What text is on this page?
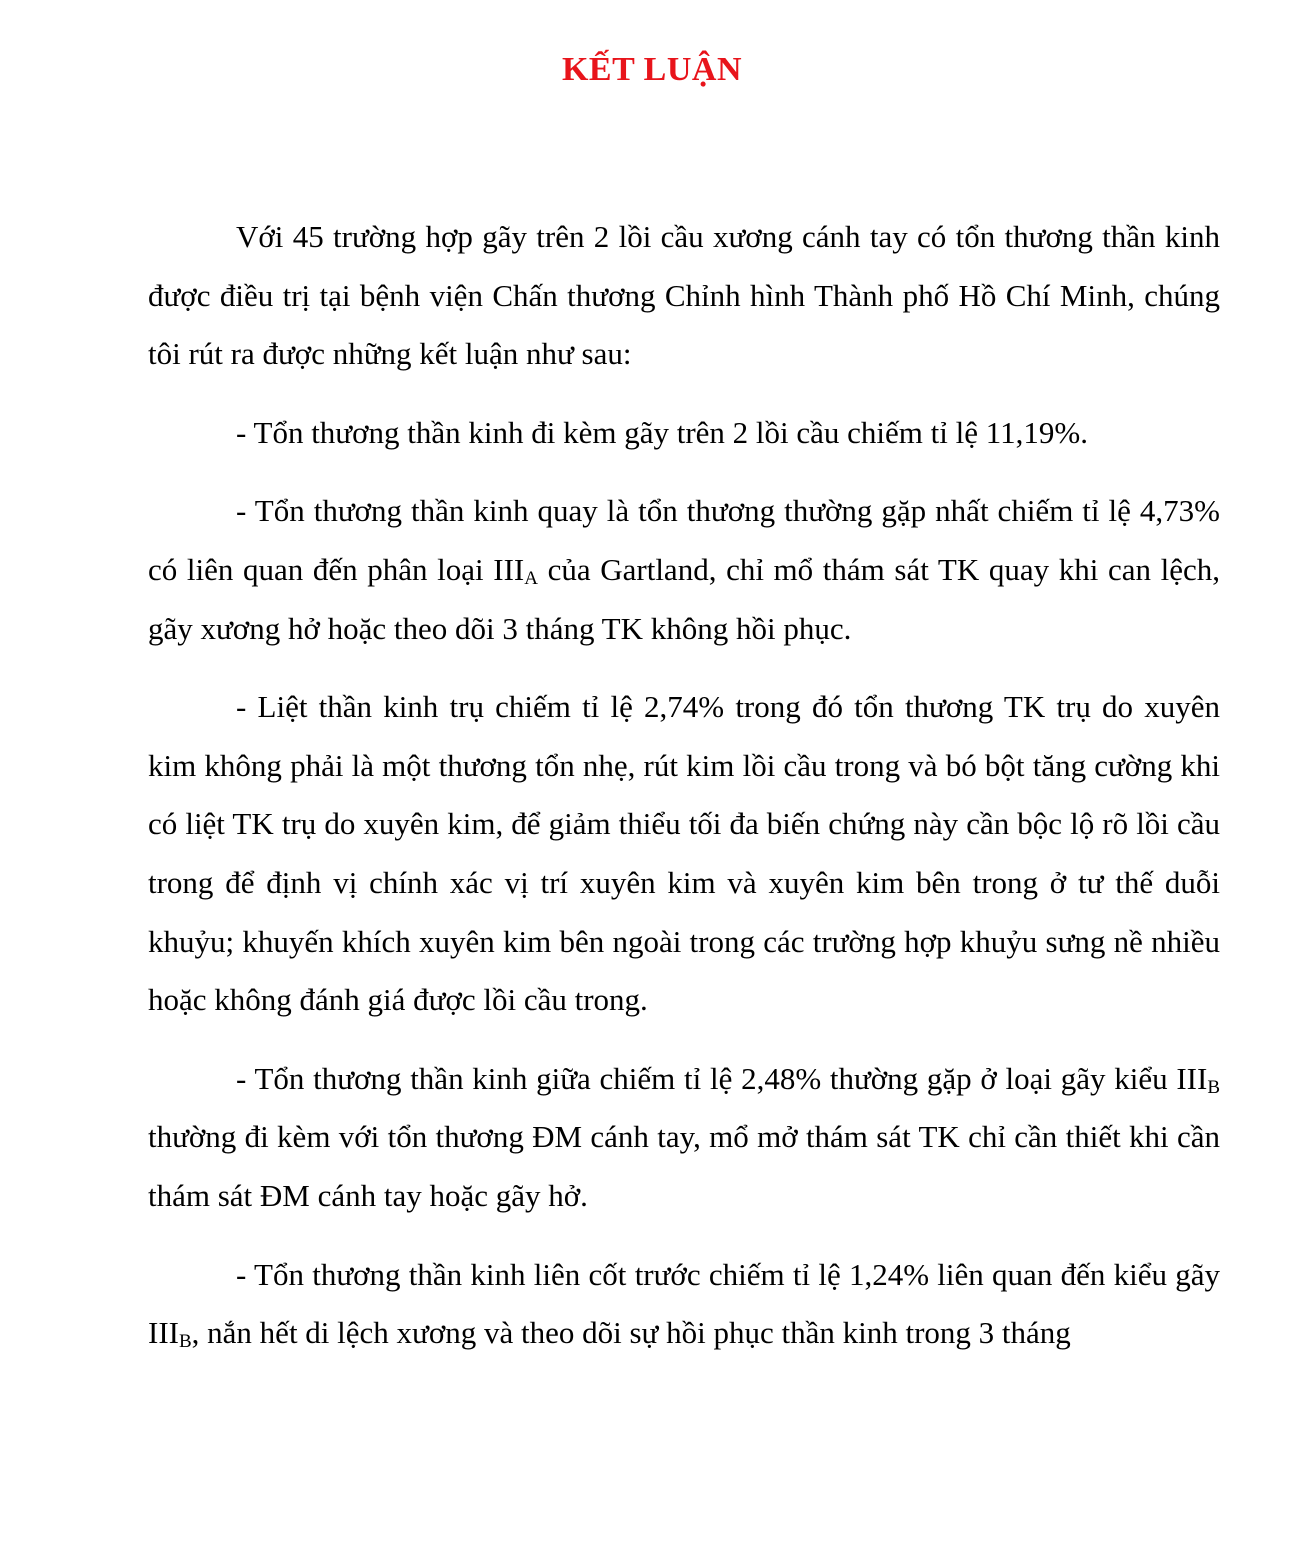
KẾT LUẬN

Với 45 trường hợp gãy trên 2 lồi cầu xương cánh tay có tổn thương thần kinh được điều trị tại bệnh viện Chấn thương Chỉnh hình Thành phố Hồ Chí Minh, chúng tôi rút ra được những kết luận như sau:

- Tổn thương thần kinh đi kèm gãy trên 2 lồi cầu chiếm tỉ lệ 11,19%.

- Tổn thương thần kinh quay là tổn thương thường gặp nhất chiếm tỉ lệ 4,73% có liên quan đến phân loại $III_A$ của Gartland, chỉ mổ thám sát TK quay khi can lệch, gãy xương hở hoặc theo dõi 3 tháng TK không hồi phục.

- Liệt thần kinh trụ chiếm tỉ lệ 2,74% trong đó tổn thương TK trụ do xuyên kim không phải là một thương tổn nhẹ, rút kim lồi cầu trong và bó bột tăng cường khi có liệt TK trụ do xuyên kim, để giảm thiểu tối đa biến chứng này cần bộc lộ rõ lồi cầu trong để định vị chính xác vị trí xuyên kim và xuyên kim bên trong ở tư thế duỗi khuỷu; khuyến khích xuyên kim bên ngoài trong các trường hợp khuỷu sưng nề nhiều hoặc không đánh giá được lồi cầu trong.

- Tổn thương thần kinh giữa chiếm tỉ lệ 2,48% thường gặp ở loại gãy kiểu $III_B$ thường đi kèm với tổn thương ĐM cánh tay, mổ mở thám sát TK chỉ cần thiết khi cần thám sát ĐM cánh tay hoặc gãy hở.

- Tổn thương thần kinh liên cốt trước chiếm tỉ lệ 1,24% liên quan đến kiểu gãy $III_B$, nắn hết di lệch xương và theo dõi sự hồi phục thần kinh trong 3 tháng
